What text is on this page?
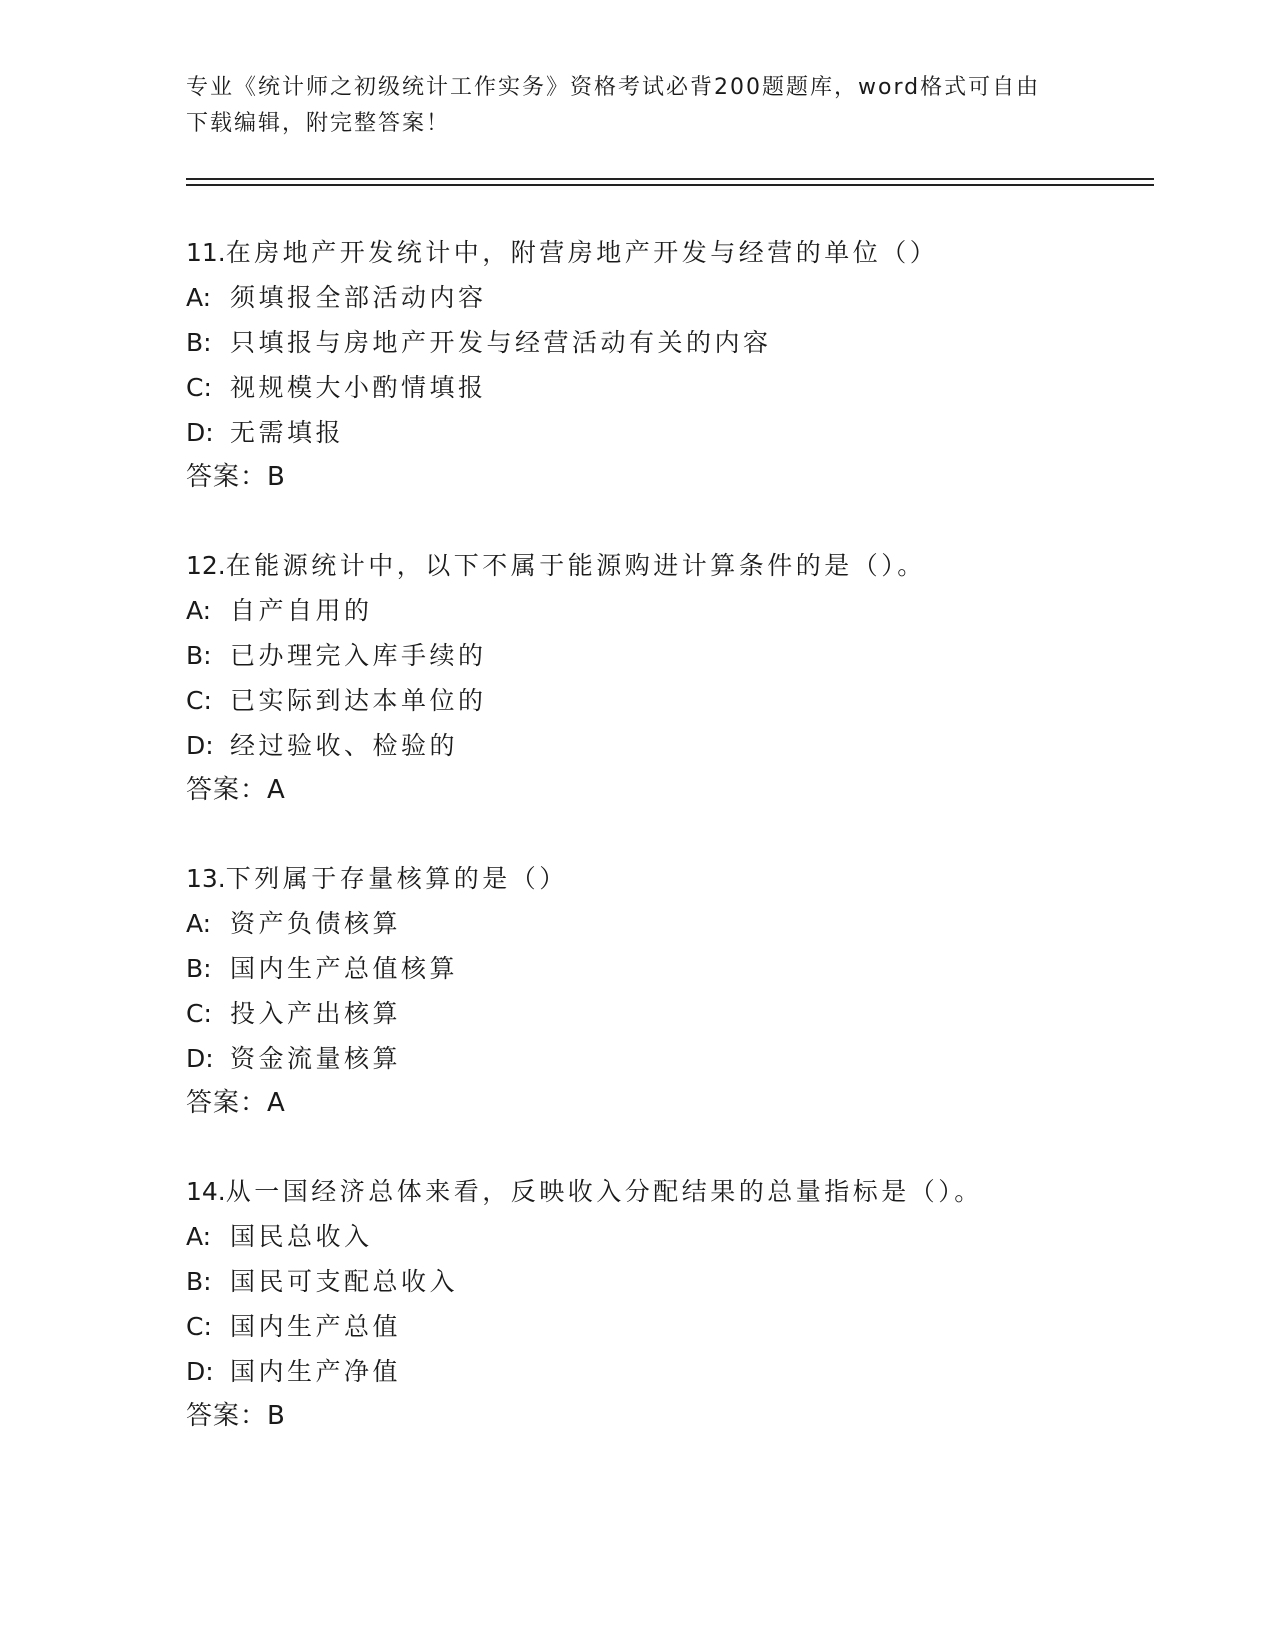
专业《统计师之初级统计工作实务》资格考试必背200题题库，word格式可自由
下载编辑，附完整答案！
11.在房地产开发统计中，附营房地产开发与经营的单位（）
A: 须填报全部活动内容
B: 只填报与房地产开发与经营活动有关的内容
C: 视规模大小酌情填报
D: 无需填报
答案：B
12.在能源统计中，以下不属于能源购进计算条件的是（）。
A: 自产自用的
B: 已办理完入库手续的
C: 已实际到达本单位的
D: 经过验收、检验的
答案：A
13.下列属于存量核算的是（）
A: 资产负债核算
B: 国内生产总值核算
C: 投入产出核算
D: 资金流量核算
答案：A
14.从一国经济总体来看，反映收入分配结果的总量指标是（）。
A: 国民总收入
B: 国民可支配总收入
C: 国内生产总值
D: 国内生产净值
答案：B
